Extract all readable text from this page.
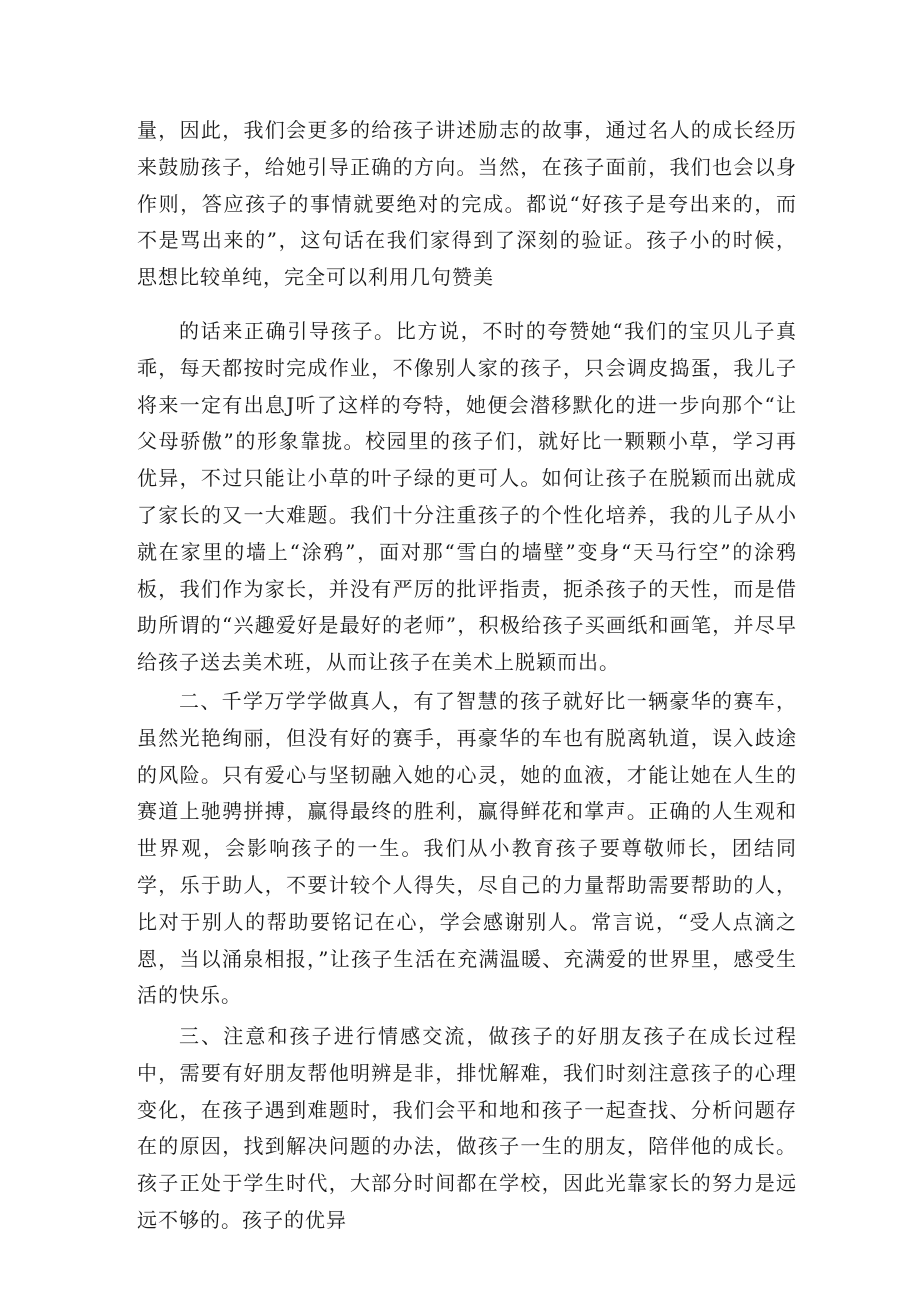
量，因此，我们会更多的给孩子讲述励志的故事，通过名人的成长经历来鼓励孩子，给她引导正确的方向。当然，在孩子面前，我们也会以身作则，答应孩子的事情就要绝对的完成。都说“好孩子是夸出来的，而不是骂出来的”，这句话在我们家得到了深刻的验证。孩子小的时候，思想比较单纯，完全可以利用几句赞美

的话来正确引导孩子。比方说，不时的夸赞她“我们的宝贝儿子真乖，每天都按时完成作业，不像别人家的孩子，只会调皮捣蛋，我儿子将来一定有出息J听了这样的夸特，她便会潜移默化的进一步向那个“让父母骄傲”的形象靠拢。校园里的孩子们，就好比一颗颗小草，学习再优异，不过只能让小草的叶子绿的更可人。如何让孩子在脱颖而出就成了家长的又一大难题。我们十分注重孩子的个性化培养，我的儿子从小就在家里的墙上“涂鸦”，面对那“雪白的墙壁”变身“天马行空”的涂鸦板，我们作为家长，并没有严厉的批评指责，扼杀孩子的天性，而是借助所谓的“兴趣爱好是最好的老师”，积极给孩子买画纸和画笔，并尽早给孩子送去美术班，从而让孩子在美术上脱颖而出。

二、千学万学学做真人，有了智慧的孩子就好比一辆豪华的赛车，虽然光艳绚丽，但没有好的赛手，再豪华的车也有脱离轨道，误入歧途的风险。只有爱心与坚韧融入她的心灵，她的血液，才能让她在人生的赛道上驰骋拼搏，赢得最终的胜利，赢得鲜花和掌声。正确的人生观和世界观，会影响孩子的一生。我们从小教育孩子要尊敬师长，团结同学，乐于助人，不要计较个人得失，尽自己的力量帮助需要帮助的人，比对于别人的帮助要铭记在心，学会感谢别人。常言说，“受人点滴之恩，当以涌泉相报，”让孩子生活在充满温暖、充满爱的世界里，感受生活的快乐。

三、注意和孩子进行情感交流，做孩子的好朋友孩子在成长过程中，需要有好朋友帮他明辨是非，排忧解难，我们时刻注意孩子的心理变化，在孩子遇到难题时，我们会平和地和孩子一起查找、分析问题存在的原因，找到解决问题的办法，做孩子一生的朋友，陪伴他的成长。孩子正处于学生时代，大部分时间都在学校，因此光靠家长的努力是远远不够的。孩子的优异
